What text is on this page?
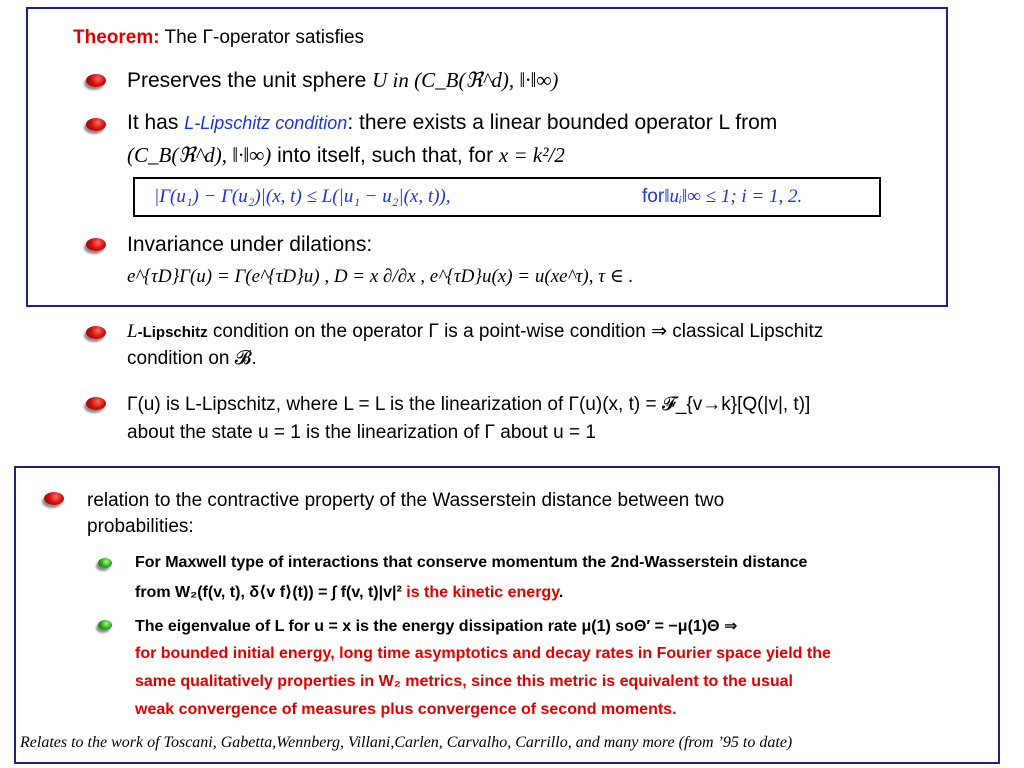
Theorem: The Γ-operator satisfies
Preserves the unit sphere U in (C_B(ℜ^d), ‖·‖∞)
It has L-Lipschitz condition: there exists a linear bounded operator L from
(C_B(ℜ^d), ‖·‖∞) into itself, such that, for x = k²/2
|Γ(u₁) − Γ(u₂)|(x, t) ≤ L(|u₁ − u₂|(x, t)),	for‖uᵢ‖∞ ≤ 1; i = 1, 2.
Invariance under dilations:
e^{τD}Γ(u) = Γ(e^{τD}u) , D = x ∂/∂x , e^{τD}u(x) = u(xe^τ), τ ∈ .
L-Lipschitz condition on the operator Γ is a point-wise condition ⇒ classical Lipschitz
condition on 𝓑.
Γ(u) is L-Lipschitz, where L = L is the linearization of Γ(u)(x, t) = 𝓕_{v→k}[Q(|v|, t)]
about the state u = 1 is the linearization of Γ about u = 1
relation to the contractive property of the Wasserstein distance between two
probabilities:
For Maxwell type of interactions that conserve momentum the 2nd-Wasserstein distance
from W₂(f(v, t), δ⟨v f⟩(t)) = ∫ f(v, t)|v|² is the kinetic energy.
The eigenvalue of L for u = x is the energy dissipation rate μ(1) soΘ′ = −μ(1)Θ ⇒
for bounded initial energy, long time asymptotics and decay rates in Fourier space yield the
same qualitatively properties in W₂ metrics, since this metric is equivalent to the usual
weak convergence of measures plus convergence of second moments.
Relates to the work of Toscani, Gabetta,Wennberg, Villani,Carlen, Carvalho, Carrillo, and many more (from ’95 to date)
